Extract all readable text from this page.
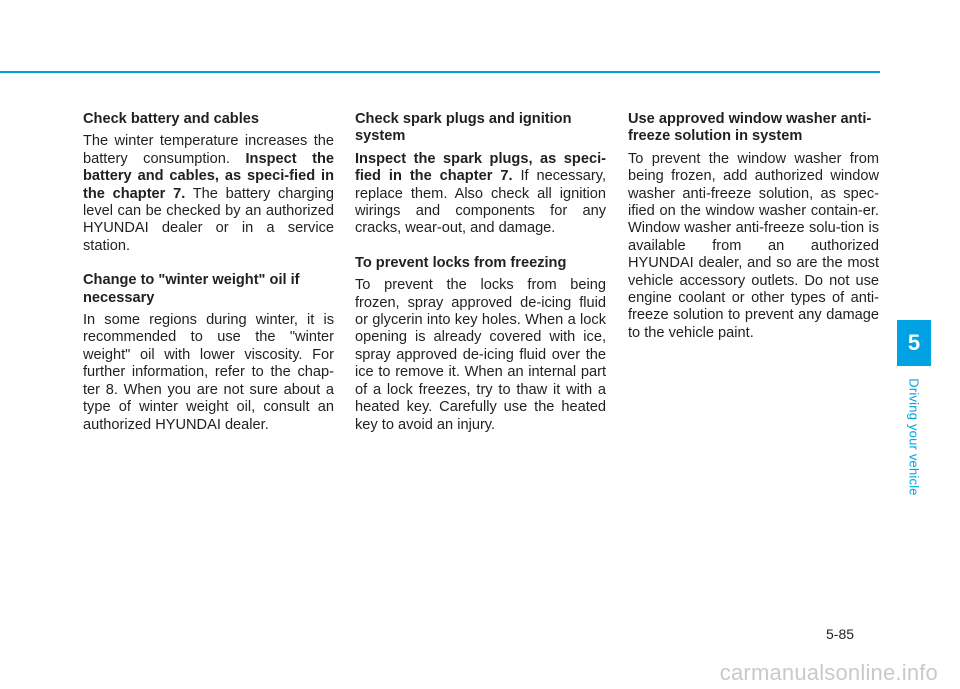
Check battery and cables

The winter temperature increases the battery consumption. Inspect the battery and cables, as speci-fied in the chapter 7. The battery charging level can be checked by an authorized HYUNDAI dealer or in a service station.

Change to "winter weight" oil if necessary

In some regions during winter, it is recommended to use the "winter weight" oil with lower viscosity. For further information, refer to the chap-ter 8. When you are not sure about a type of winter weight oil, consult an authorized HYUNDAI dealer.

Check spark plugs and ignition system

Inspect the spark plugs, as speci-fied in the chapter 7. If necessary, replace them. Also check all ignition wirings and components for any cracks, wear-out, and damage.

To prevent locks from freezing

To prevent the locks from being frozen, spray approved de-icing fluid or glycerin into key holes. When a lock opening is already covered with ice, spray approved de-icing fluid over the ice to remove it. When an internal part of a lock freezes, try to thaw it with a heated key. Carefully use the heated key to avoid an injury.

Use approved window washer anti-freeze solution in system

To prevent the window washer from being frozen, add authorized window washer anti-freeze solution, as spec-ified on the window washer contain-er. Window washer anti-freeze solu-tion is available from an authorized HYUNDAI dealer, and so are the most vehicle accessory outlets. Do not use engine coolant or other types of anti-freeze solution to prevent any damage to the vehicle paint.	5
Driving your vehicle
5-85
carmanualsonline.info
